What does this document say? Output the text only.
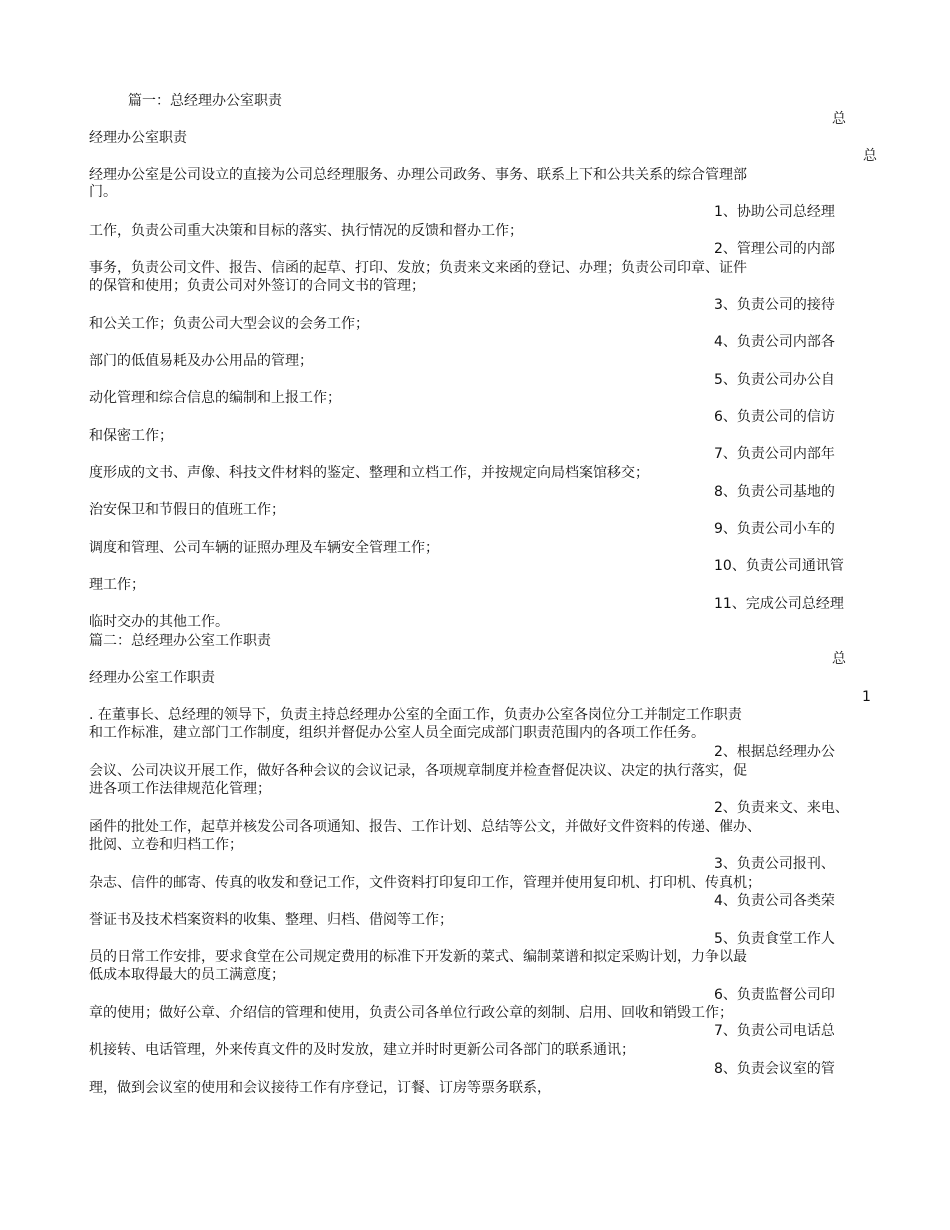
篇一：总经理办公室职责
总
经理办公室职责
总
经理办公室是公司设立的直接为公司总经理服务、办理公司政务、事务、联系上下和公共关系的综合管理部
门。
1、协助公司总经理
工作，负责公司重大决策和目标的落实、执行情况的反馈和督办工作；
2、管理公司的内部
事务，负责公司文件、报告、信函的起草、打印、发放；负责来文来函的登记、办理；负责公司印章、证件
的保管和使用；负责公司对外签订的合同文书的管理；
3、负责公司的接待
和公关工作；负责公司大型会议的会务工作；
4、负责公司内部各
部门的低值易耗及办公用品的管理；
5、负责公司办公自
动化管理和综合信息的编制和上报工作；
6、负责公司的信访
和保密工作；
7、负责公司内部年
度形成的文书、声像、科技文件材料的鉴定、整理和立档工作，并按规定向局档案馆移交；
8、负责公司基地的
治安保卫和节假日的值班工作；
9、负责公司小车的
调度和管理、公司车辆的证照办理及车辆安全管理工作；
10、负责公司通讯管
理工作；
11、完成公司总经理
临时交办的其他工作。
篇二：总经理办公室工作职责
总
经理办公室工作职责
1
. 在董事长、总经理的领导下，负责主持总经理办公室的全面工作，负责办公室各岗位分工并制定工作职责
和工作标准，建立部门工作制度，组织并督促办公室人员全面完成部门职责范围内的各项工作任务。
2、根据总经理办公
会议、公司决议开展工作，做好各种会议的会议记录，各项规章制度并检查督促决议、决定的执行落实，促
进各项工作法律规范化管理；
2、负责来文、来电、
函件的批处工作，起草并核发公司各项通知、报告、工作计划、总结等公文，并做好文件资料的传递、催办、
批阅、立卷和归档工作；
3、负责公司报刊、
杂志、信件的邮寄、传真的收发和登记工作，文件资料打印复印工作，管理并使用复印机、打印机、传真机；
4、负责公司各类荣
誉证书及技术档案资料的收集、整理、归档、借阅等工作；
5、负责食堂工作人
员的日常工作安排，要求食堂在公司规定费用的标准下开发新的菜式、编制菜谱和拟定采购计划，力争以最
低成本取得最大的员工满意度；
6、负责监督公司印
章的使用；做好公章、介绍信的管理和使用，负责公司各单位行政公章的刻制、启用、回收和销毁工作；
7、负责公司电话总
机接转、电话管理，外来传真文件的及时发放，建立并时时更新公司各部门的联系通讯；
8、负责会议室的管
理，做到会议室的使用和会议接待工作有序登记，订餐、订房等票务联系，
